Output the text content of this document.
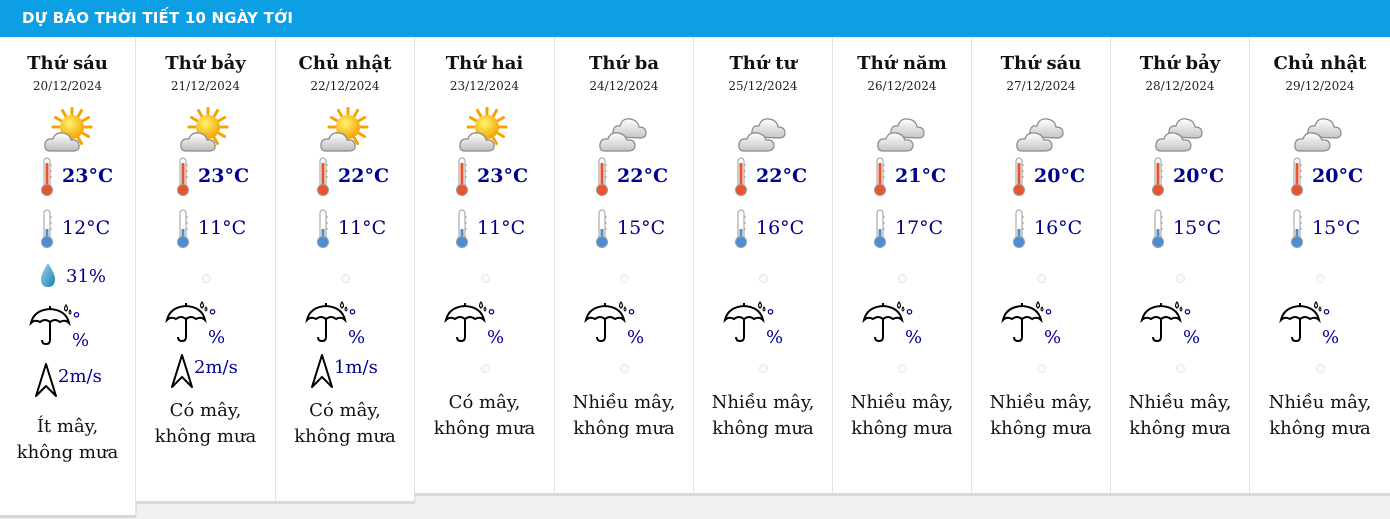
DỰ BÁO THỜI TIẾT 10 NGÀY TỚI
Thứ sáu
20/12/2024
23°C
12°C
31%
°%
2m/s
Ít mây,
không mưa
Thứ bảy
21/12/2024
23°C
11°C
°%
2m/s
Có mây,
không mưa
Chủ nhật
22/12/2024
22°C
11°C
°%
1m/s
Có mây,
không mưa
Thứ hai
23/12/2024
23°C
11°C
°%
Có mây,
không mưa
Thứ ba
24/12/2024
22°C
15°C
°%
Nhiều mây,
không mưa
Thứ tư
25/12/2024
22°C
16°C
°%
Nhiều mây,
không mưa
Thứ năm
26/12/2024
21°C
17°C
°%
Nhiều mây,
không mưa
Thứ sáu
27/12/2024
20°C
16°C
°%
Nhiều mây,
không mưa
Thứ bảy
28/12/2024
20°C
15°C
°%
Nhiều mây,
không mưa
Chủ nhật
29/12/2024
20°C
15°C
°%
Nhiều mây,
không mưa
